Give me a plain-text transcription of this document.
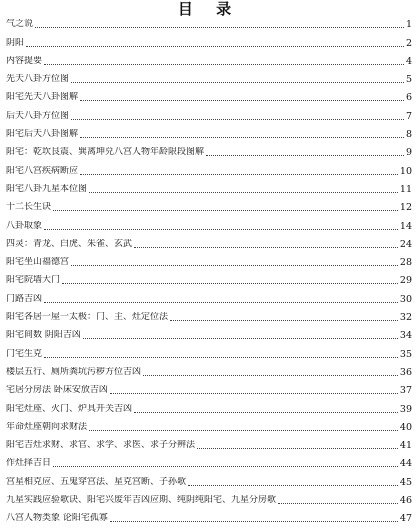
目 录
气之说	1
阴阳	2
内容提要	4
先天八卦方位图	5
阳宅先天八卦图解	6
后天八卦方位图	7
阳宅后天八卦图解	8
阳宅：乾坎艮震、巽离坤兑八宫人物年龄限段图解	9
阳宅八宫疾病断应	10
阳宅八卦九星本位图	11
十二长生诀	12
八卦取象	14
四灵：青龙、白虎、朱雀、玄武	24
阳宅坐山福德宫	28
阳宅院墙大门	29
门路吉凶	30
阳宅各居一屋一太极：门、主、灶定位法	32
阳宅间数 阴阳吉凶	34
门宅生克	35
楼层五行、厕所粪坑污秽方位吉凶	36
宅居分房法 卧床安放吉凶	37
阳宅灶座、火门、炉具开关吉凶	39
年命灶座朝向求财法	40
阳宅吉灶求财、求官、求学、求医、求子分辨法	41
作灶择吉日	44
宫星相克应、五鬼穿宫法、星克宫断、子孙歌	45
九星实践应验歌诀、阳宅兴废年吉凶应期、纯阴纯阳宅、九星分房歌	46
八宫人物类象 论阳宅孤寡	47
